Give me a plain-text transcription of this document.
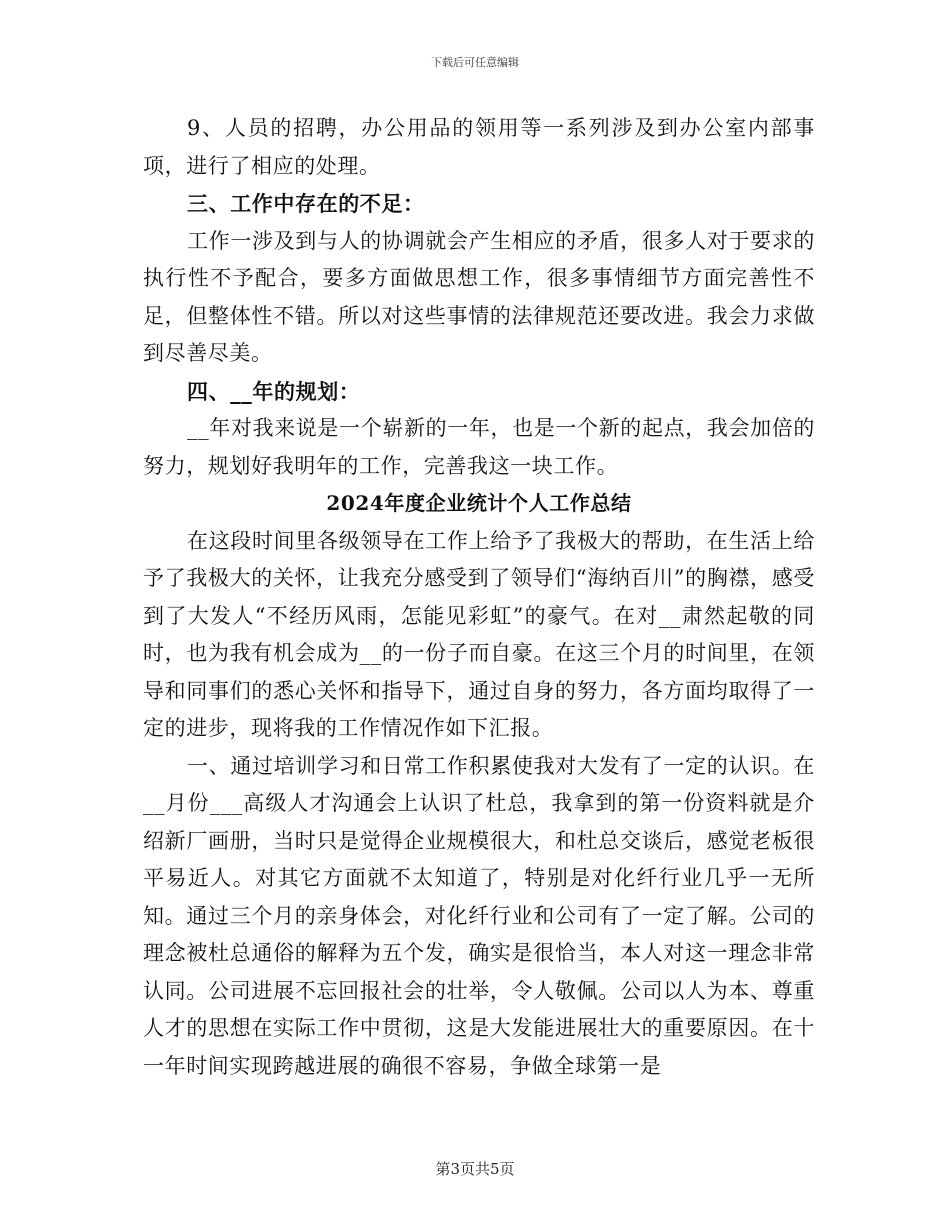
下载后可任意编辑

9、人员的招聘，办公用品的领用等一系列涉及到办公室内部事项，进行了相应的处理。

三、工作中存在的不足：

工作一涉及到与人的协调就会产生相应的矛盾，很多人对于要求的执行性不予配合，要多方面做思想工作，很多事情细节方面完善性不足，但整体性不错。所以对这些事情的法律规范还要改进。我会力求做到尽善尽美。

四、__年的规划：

__年对我来说是一个崭新的一年，也是一个新的起点，我会加倍的努力，规划好我明年的工作，完善我这一块工作。

2024年度企业统计个人工作总结

在这段时间里各级领导在工作上给予了我极大的帮助，在生活上给予了我极大的关怀，让我充分感受到了领导们“海纳百川”的胸襟，感受到了大发人“不经历风雨，怎能见彩虹”的豪气。在对__肃然起敬的同时，也为我有机会成为__的一份子而自豪。在这三个月的时间里，在领导和同事们的悉心关怀和指导下，通过自身的努力，各方面均取得了一定的进步，现将我的工作情况作如下汇报。

一、通过培训学习和日常工作积累使我对大发有了一定的认识。在__月份___高级人才沟通会上认识了杜总，我拿到的第一份资料就是介绍新厂画册，当时只是觉得企业规模很大，和杜总交谈后，感觉老板很平易近人。对其它方面就不太知道了，特别是对化纤行业几乎一无所知。通过三个月的亲身体会，对化纤行业和公司有了一定了解。公司的理念被杜总通俗的解释为五个发，确实是很恰当，本人对这一理念非常认同。公司进展不忘回报社会的壮举，令人敬佩。公司以人为本、尊重人才的思想在实际工作中贯彻，这是大发能进展壮大的重要原因。在十一年时间实现跨越进展的确很不容易，争做全球第一是

第3页共5页
